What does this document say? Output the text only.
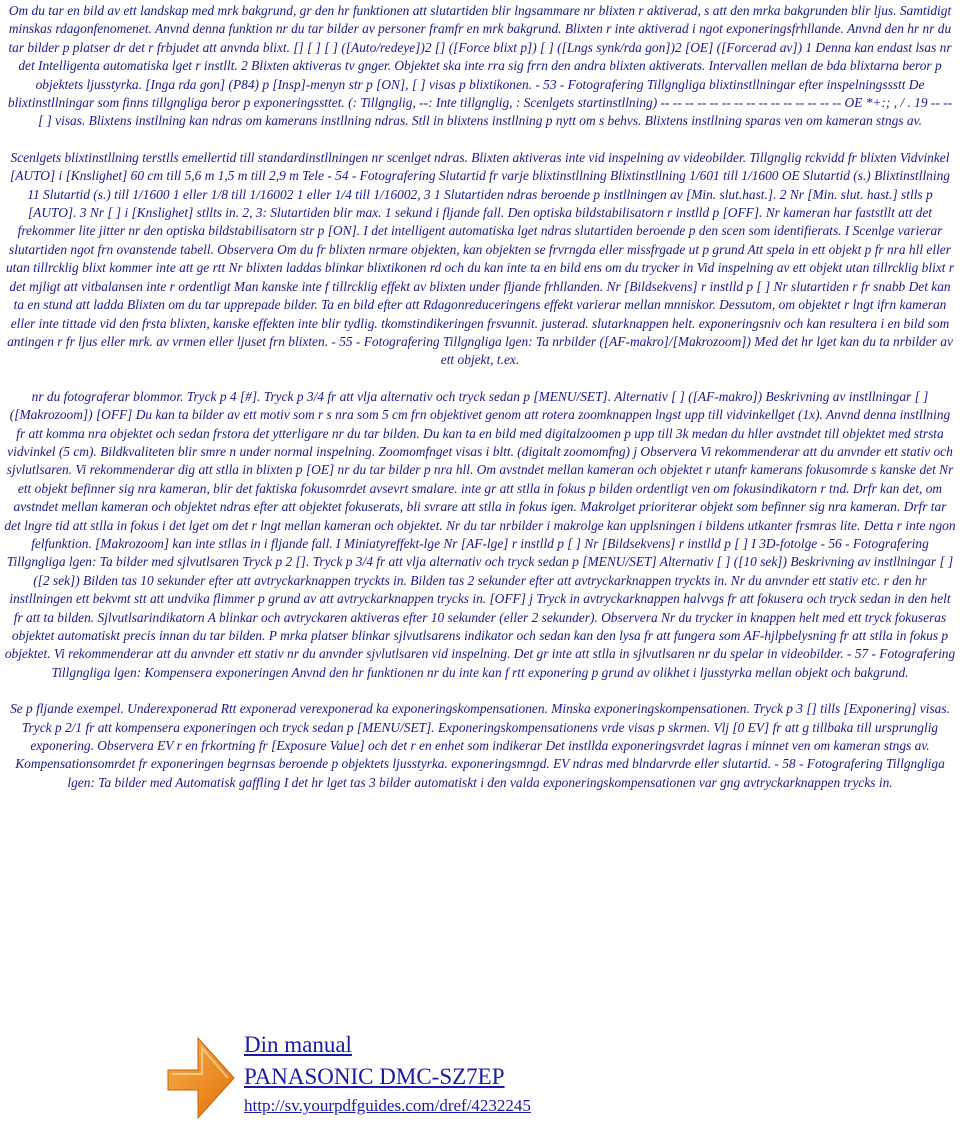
Om du tar en bild av ett landskap med mrk bakgrund, gr den hr funktionen att slutartiden blir lngsammare nr blixten r aktiverad, s att den mrka bakgrunden blir ljus. Samtidigt minskas rdagonfenomenet. Anvnd denna funktion nr du tar bilder av personer framfr en mrk bakgrund. Blixten r inte aktiverad i ngot exponeringsfrhllande. Anvnd den hr nr du tar bilder p platser dr det r frbjudet att anvnda blixt. [] [ ] [ ] ([Auto/redeye])2 [] ([Force blixt p]) [ ] ([Lngs synk/rda gon])2 [OE] ([Forcerad av]) 1 Denna kan endast lsas nr det Intelligenta automatiska lget r instllt. 2 Blixten aktiveras tv gnger. Objektet ska inte rra sig frrn den andra blixten aktiverats. Intervallen mellan de bda blixtarna beror p objektets ljusstyrka. [Inga rda gon] (P84) p [Insp]-menyn str p [ON], [ ] visas p blixtikonen. - 53 - Fotografering Tillgngliga blixtinstllningar efter inspelningssstt De blixtinstllningar som finns tillgngliga beror p exponeringssttet. (: Tillgnglig, --: Inte tillgnglig, : Scenlgets startinstllning) -- -- -- -- -- -- -- -- -- -- -- -- -- -- -- OE *+:; , / . 19 -- -- [ ] visas. Blixtens instllning kan ndras om kamerans instllning ndras. Stll in blixtens instllning p nytt om s behvs. Blixtens instllning sparas ven om kameran stngs av.

Scenlgets blixtinstllning terstlls emellertid till standardinstllningen nr scenlget ndras. Blixten aktiveras inte vid inspelning av videobilder. Tillgnglig rckvidd fr blixten Vidvinkel [AUTO] i [Knslighet] 60 cm till 5,6 m 1,5 m till 2,9 m Tele - 54 - Fotografering Slutartid fr varje blixtinstllning Blixtinstllning 1/601 till 1/1600 OE Slutartid (s.) Blixtinstllning 11 Slutartid (s.) till 1/1600 1 eller 1/8 till 1/16002 1 eller 1/4 till 1/16002, 3 1 Slutartiden ndras beroende p instllningen av [Min. slut.hast.]. 2 Nr [Min. slut. hast.] stlls p [AUTO]. 3 Nr [ ] i [Knslighet] stllts in. 2, 3: Slutartiden blir max. 1 sekund i fljande fall. Den optiska bildstabilisatorn r instlld p [OFF]. Nr kameran har faststllt att det frekommer lite jitter nr den optiska bildstabilisatorn str p [ON]. I det intelligent automatiska lget ndras slutartiden beroende p den scen som identifierats. I Scenlge varierar slutartiden ngot frn ovanstende tabell. Observera Om du fr blixten nrmare objekten, kan objekten se frvrngda eller missfrgade ut p grund Att spela in ett objekt p fr nra hll eller utan tillrcklig blixt kommer inte att ge rtt Nr blixten laddas blinkar blixtikonen rd och du kan inte ta en bild ens om du trycker in Vid inspelning av ett objekt utan tillrcklig blixt r det mjligt att vitbalansen inte r ordentligt Man kanske inte f tillrcklig effekt av blixten under fljande frhllanden. Nr [Bildsekvens] r instlld p [ ] Nr slutartiden r fr snabb Det kan ta en stund att ladda Blixten om du tar upprepade bilder. Ta en bild efter att Rdagonreduceringens effekt varierar mellan mnniskor. Dessutom, om objektet r lngt ifrn kameran eller inte tittade vid den frsta blixten, kanske effekten inte blir tydlig. tkomstindikeringen frsvunnit. justerad. slutarknappen helt. exponeringsniv och kan resultera i en bild som antingen r fr ljus eller mrk. av vrmen eller ljuset frn blixten. - 55 - Fotografering Tillgngliga lgen: Ta nrbilder ([AF-makro]/[Makrozoom]) Med det hr lget kan du ta nrbilder av ett objekt, t.ex.

nr du fotograferar blommor. Tryck p 4 [#]. Tryck p 3/4 fr att vlja alternativ och tryck sedan p [MENU/SET]. Alternativ [ ] ([AF-makro]) Beskrivning av instllningar [ ] ([Makrozoom]) [OFF] Du kan ta bilder av ett motiv som r s nra som 5 cm frn objektivet genom att rotera zoomknappen lngst upp till vidvinkellget (1x). Anvnd denna instllning fr att komma nra objektet och sedan frstora det ytterligare nr du tar bilden. Du kan ta en bild med digitalzoomen p upp till 3k medan du hller avstndet till objektet med strsta vidvinkel (5 cm). Bildkvaliteten blir smre n under normal inspelning. Zoomomfnget visas i bltt. (digitalt zoomomfng) j Observera Vi rekommenderar att du anvnder ett stativ och sjvlutlsaren. Vi rekommenderar dig att stlla in blixten p [OE] nr du tar bilder p nra hll. Om avstndet mellan kameran och objektet r utanfr kamerans fokusomrde s kanske det Nr ett objekt befinner sig nra kameran, blir det faktiska fokusomrdet avsevrt smalare. inte gr att stlla in fokus p bilden ordentligt ven om fokusindikatorn r tnd. Drfr kan det, om avstndet mellan kameran och objektet ndras efter att objektet fokuserats, bli svrare att stlla in fokus igen. Makrolget prioriterar objekt som befinner sig nra kameran. Drfr tar det lngre tid att stlla in fokus i det lget om det r lngt mellan kameran och objektet. Nr du tar nrbilder i makrolge kan upplsningen i bildens utkanter frsmras lite. Detta r inte ngon felfunktion. [Makrozoom] kan inte stllas in i fljande fall. I Miniatyreffekt-lge Nr [AF-lge] r instlld p [ ] Nr [Bildsekvens] r instlld p [ ] I 3D-fotolge - 56 - Fotografering Tillgngliga lgen: Ta bilder med sjlvutlsaren Tryck p 2 []. Tryck p 3/4 fr att vlja alternativ och tryck sedan p [MENU/SET] Alternativ [ ] ([10 sek]) Beskrivning av instllningar [ ] ([2 sek]) Bilden tas 10 sekunder efter att avtryckarknappen tryckts in. Bilden tas 2 sekunder efter att avtryckarknappen tryckts in. Nr du anvnder ett stativ etc. r den hr instllningen ett bekvmt stt att undvika flimmer p grund av att avtryckarknappen trycks in. [OFF] j Tryck in avtryckarknappen halvvgs fr att fokusera och tryck sedan in den helt fr att ta bilden. Sjlvutlsarindikatorn A blinkar och avtryckaren aktiveras efter 10 sekunder (eller 2 sekunder). Observera Nr du trycker in knappen helt med ett tryck fokuseras objektet automatiskt precis innan du tar bilden. P mrka platser blinkar sjlvutlsarens indikator och sedan kan den lysa fr att fungera som AF-hjlpbelysning fr att stlla in fokus p objektet. Vi rekommenderar att du anvnder ett stativ nr du anvnder sjvlutlsaren vid inspelning. Det gr inte att stlla in sjlvutlsaren nr du spelar in videobilder. - 57 - Fotografering Tillgngliga lgen: Kompensera exponeringen Anvnd den hr funktionen nr du inte kan f rtt exponering p grund av olikhet i ljusstyrka mellan objekt och bakgrund.

Se p fljande exempel. Underexponerad Rtt exponerad verexponerad ka exponeringskompensationen. Minska exponeringskompensationen. Tryck p 3 [] tills [Exponering] visas. Tryck p 2/1 fr att kompensera exponeringen och tryck sedan p [MENU/SET]. Exponeringskompensationens vrde visas p skrmen. Vlj [0 EV] fr att g tillbaka till ursprunglig exponering. Observera EV r en frkortning fr [Exposure Value] och det r en enhet som indikerar Det instllda exponeringsvrdet lagras i minnet ven om kameran stngs av. Kompensationsomrdet fr exponeringen begrnsas beroende p objektets ljusstyrka. exponeringsmngd. EV ndras med blndarvrde eller slutartid. - 58 - Fotografering Tillgngliga lgen: Ta bilder med Automatisk gaffling I det hr lget tas 3 bilder automatiskt i den valda exponeringskompensationen var gng avtryckarknappen trycks in.

Din manual
PANASONIC DMC-SZ7EP
http://sv.yourpdfguides.com/dref/4232245
